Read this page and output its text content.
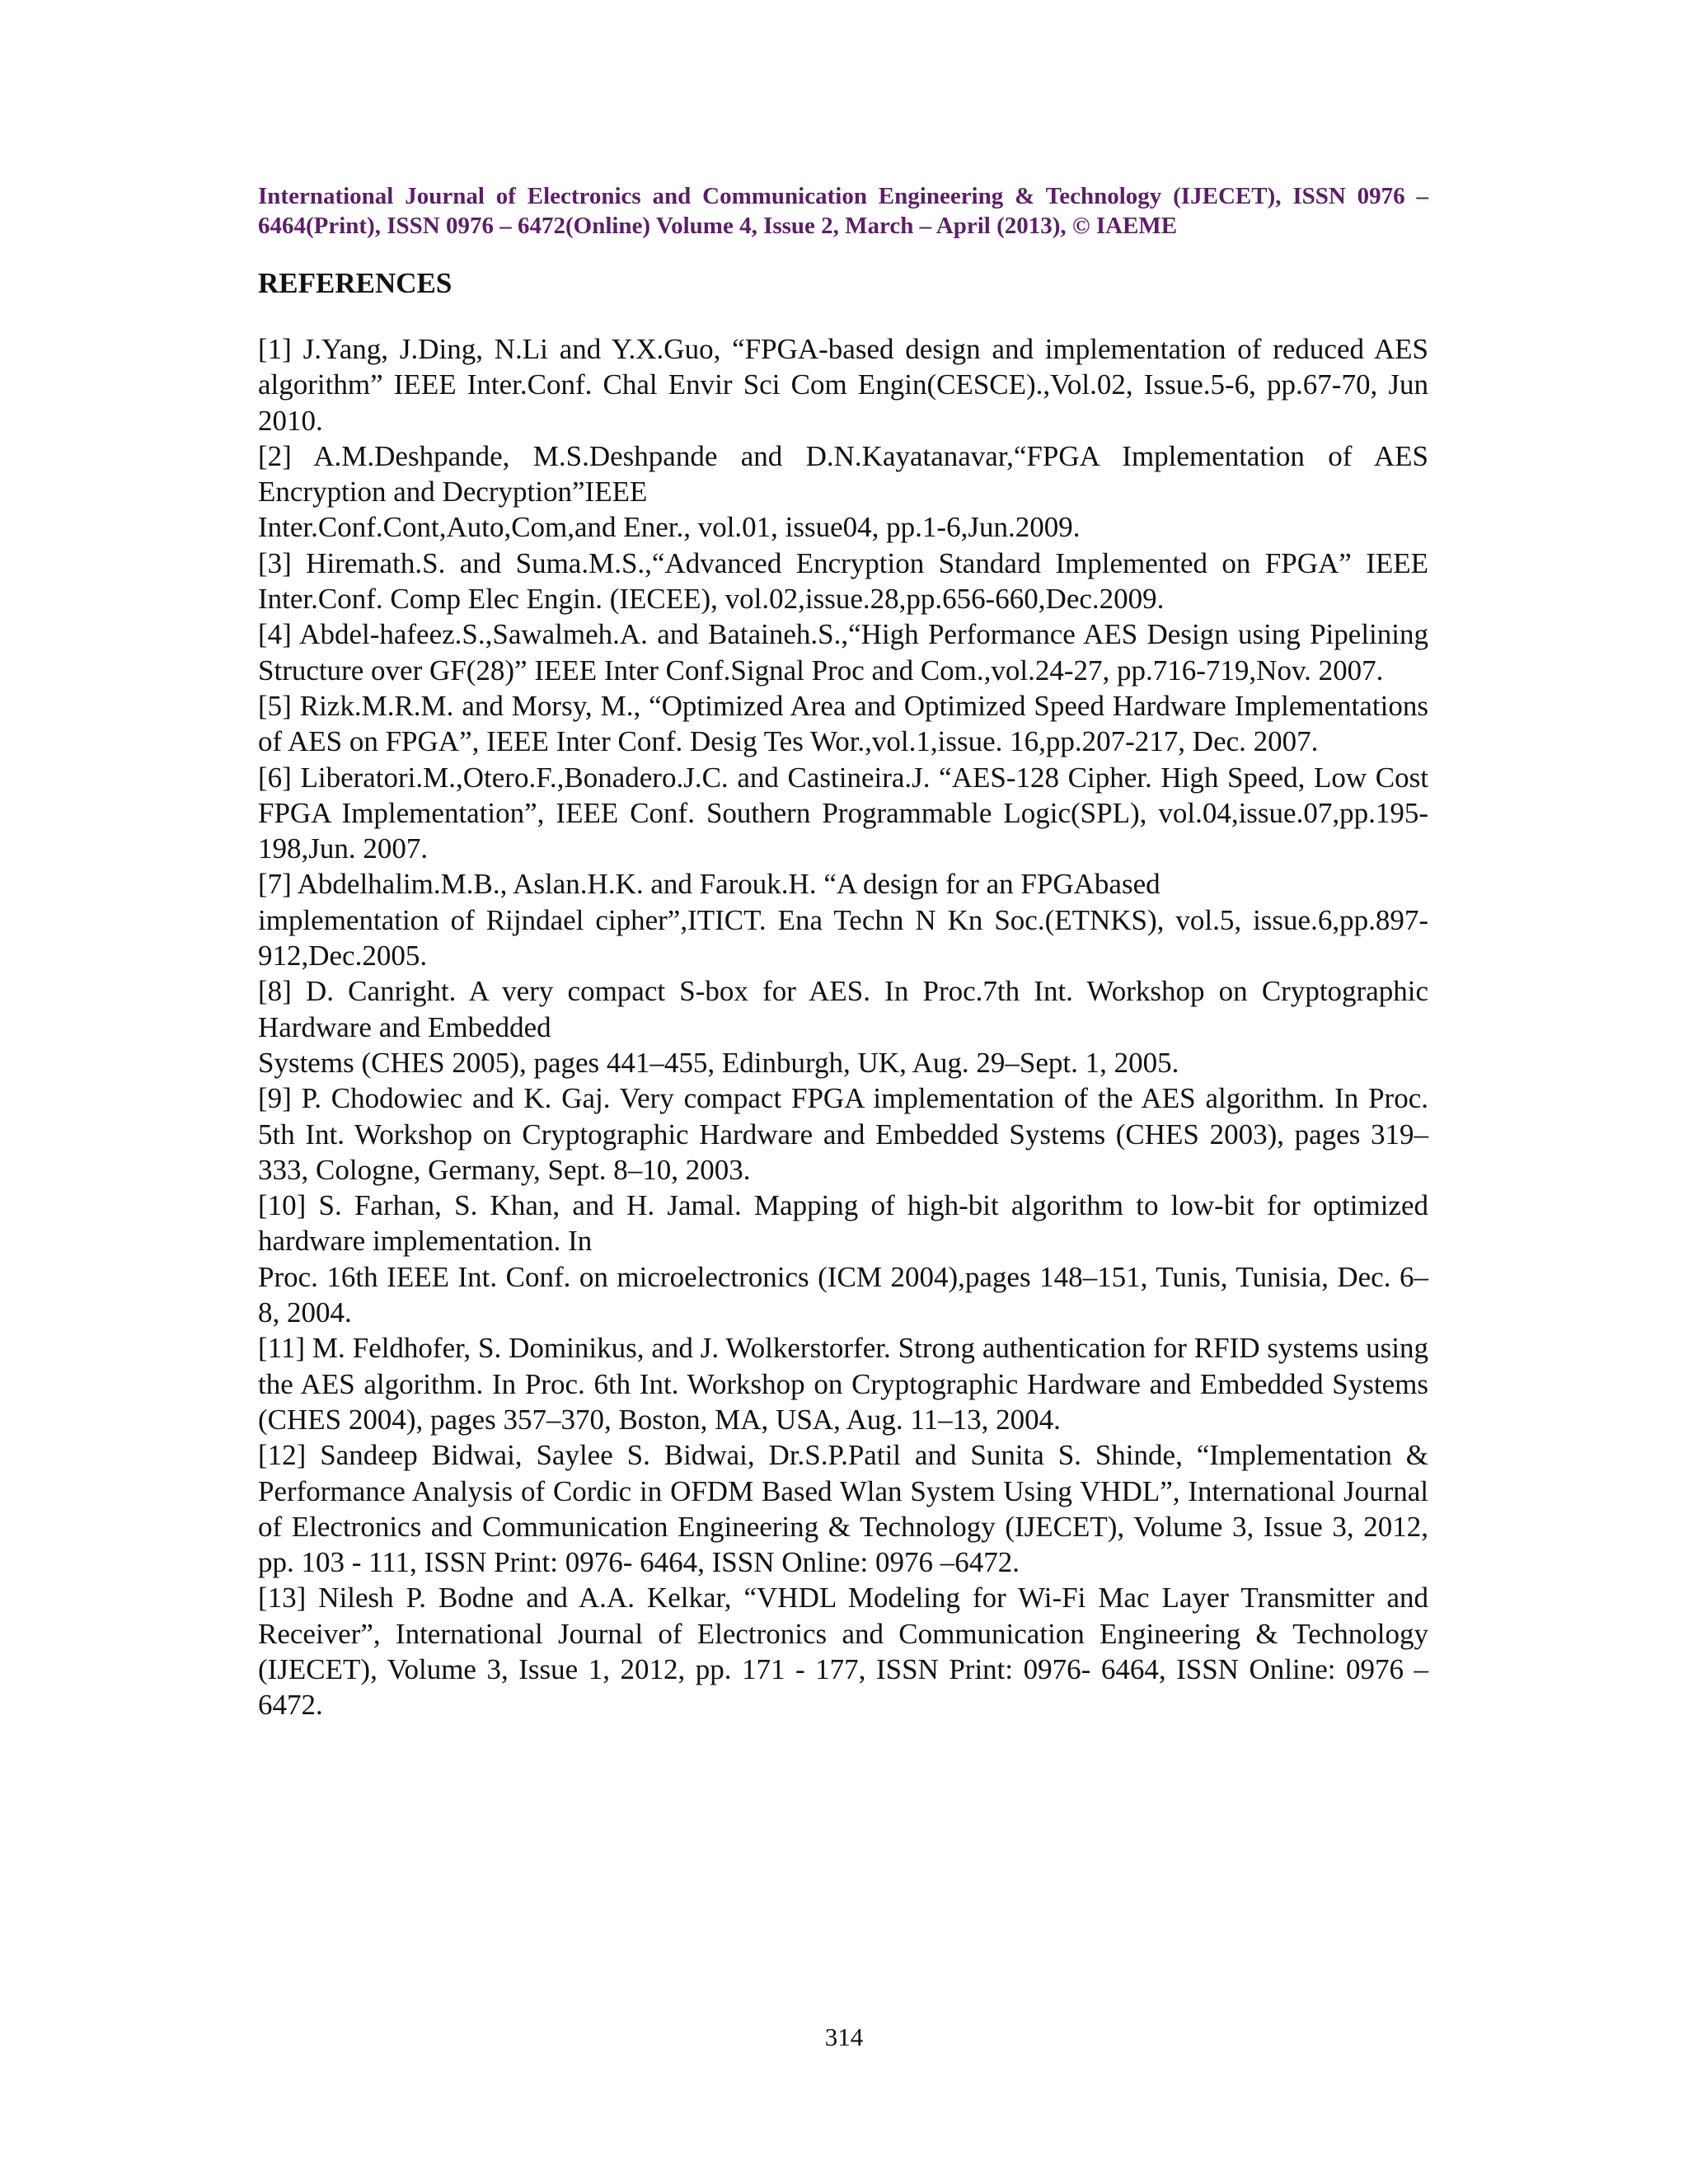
International Journal of Electronics and Communication Engineering & Technology (IJECET), ISSN 0976 – 6464(Print), ISSN 0976 – 6472(Online) Volume 4, Issue 2, March – April (2013), © IAEME

REFERENCES

[1] J.Yang, J.Ding, N.Li and Y.X.Guo, “FPGA-based design and implementation of reduced AES algorithm” IEEE Inter.Conf. Chal Envir Sci Com Engin(CESCE).,Vol.02, Issue.5-6, pp.67-70, Jun 2010.

[2] A.M.Deshpande, M.S.Deshpande and D.N.Kayatanavar,“FPGA Implementation of AES Encryption and Decryption”IEEE

Inter.Conf.Cont,Auto,Com,and Ener., vol.01, issue04, pp.1-6,Jun.2009.

[3] Hiremath.S. and Suma.M.S.,“Advanced Encryption Standard Implemented on FPGA” IEEE Inter.Conf. Comp Elec Engin. (IECEE), vol.02,issue.28,pp.656-660,Dec.2009.

[4] Abdel-hafeez.S.,Sawalmeh.A. and Bataineh.S.,“High Performance AES Design using Pipelining Structure over GF(28)” IEEE Inter Conf.Signal Proc and Com.,vol.24-27, pp.716-719,Nov. 2007.

[5] Rizk.M.R.M. and Morsy, M., “Optimized Area and Optimized Speed Hardware Implementations of AES on FPGA”, IEEE Inter Conf. Desig Tes Wor.,vol.1,issue. 16,pp.207-217, Dec. 2007.

[6] Liberatori.M.,Otero.F.,Bonadero.J.C. and Castineira.J. “AES-128 Cipher. High Speed, Low Cost FPGA Implementation”, IEEE Conf. Southern Programmable Logic(SPL), vol.04,issue.07,pp.195-198,Jun. 2007.

[7] Abdelhalim.M.B., Aslan.H.K. and Farouk.H. “A design for an FPGAbased

implementation of Rijndael cipher”,ITICT. Ena Techn N Kn Soc.(ETNKS), vol.5, issue.6,pp.897-912,Dec.2005.

[8] D. Canright. A very compact S-box for AES. In Proc.7th Int. Workshop on Cryptographic Hardware and Embedded

Systems (CHES 2005), pages 441–455, Edinburgh, UK, Aug. 29–Sept. 1, 2005.

[9] P. Chodowiec and K. Gaj. Very compact FPGA implementation of the AES algorithm. In Proc. 5th Int. Workshop on Cryptographic Hardware and Embedded Systems (CHES 2003), pages 319–333, Cologne, Germany, Sept. 8–10, 2003.

[10] S. Farhan, S. Khan, and H. Jamal. Mapping of high-bit algorithm to low-bit for optimized hardware implementation. In

Proc. 16th IEEE Int. Conf. on microelectronics (ICM 2004),pages 148–151, Tunis, Tunisia, Dec. 6–8, 2004.

[11] M. Feldhofer, S. Dominikus, and J. Wolkerstorfer. Strong authentication for RFID systems using the AES algorithm. In Proc. 6th Int. Workshop on Cryptographic Hardware and Embedded Systems (CHES 2004), pages 357–370, Boston, MA, USA, Aug. 11–13, 2004.

[12] Sandeep Bidwai, Saylee S. Bidwai, Dr.S.P.Patil and Sunita S. Shinde, “Implementation & Performance Analysis of Cordic in OFDM Based Wlan System Using VHDL”, International Journal of Electronics and Communication Engineering & Technology (IJECET), Volume 3, Issue 3, 2012, pp. 103 - 111, ISSN Print: 0976- 6464, ISSN Online: 0976 –6472.

[13] Nilesh P. Bodne and A.A. Kelkar, “VHDL Modeling for Wi-Fi Mac Layer Transmitter and Receiver”, International Journal of Electronics and Communication Engineering & Technology (IJECET), Volume 3, Issue 1, 2012, pp. 171 - 177, ISSN Print: 0976- 6464, ISSN Online: 0976 –6472.

314
